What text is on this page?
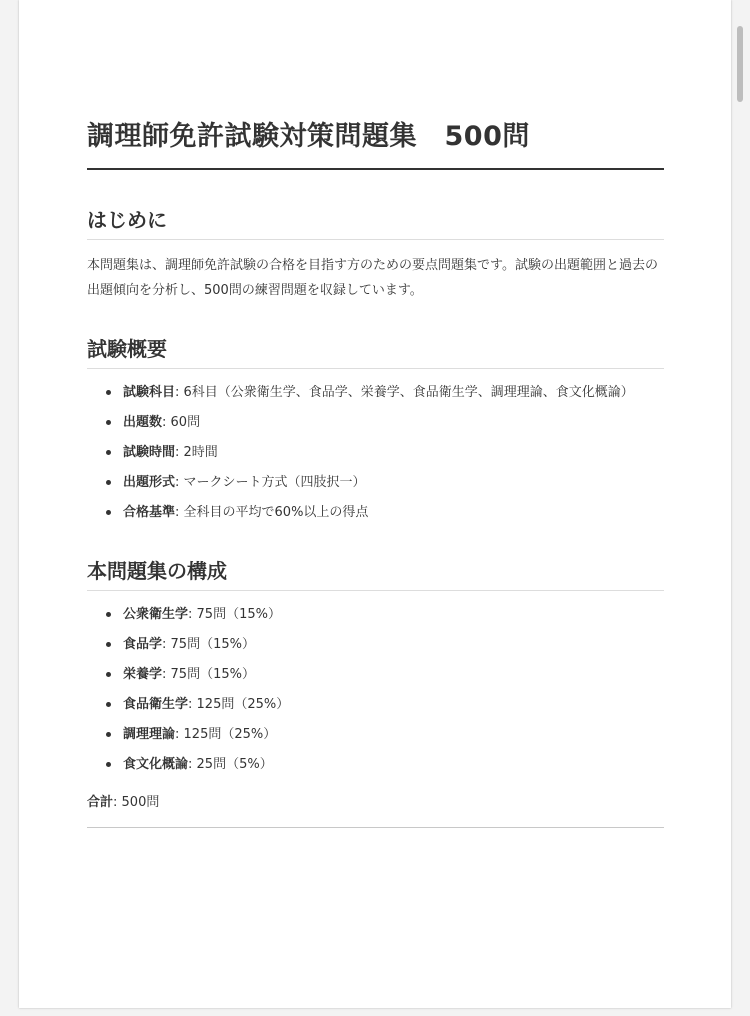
調理師免許試験対策問題集　500問
はじめに

本問題集は、調理師免許試験の合格を目指す方のための要点問題集です。試験の出題範囲と過去の出題傾向を分析し、500問の練習問題を収録しています。

試験概要
試験科目: 6科目（公衆衛生学、食品学、栄養学、食品衛生学、調理理論、食文化概論）
出題数: 60問
試験時間: 2時間
出題形式: マークシート方式（四肢択一）
合格基準: 全科目の平均で60%以上の得点
本問題集の構成
公衆衛生学: 75問（15%）
食品学: 75問（15%）
栄養学: 75問（15%）
食品衛生学: 125問（25%）
調理理論: 125問（25%）
食文化概論: 25問（5%）

合計: 500問
